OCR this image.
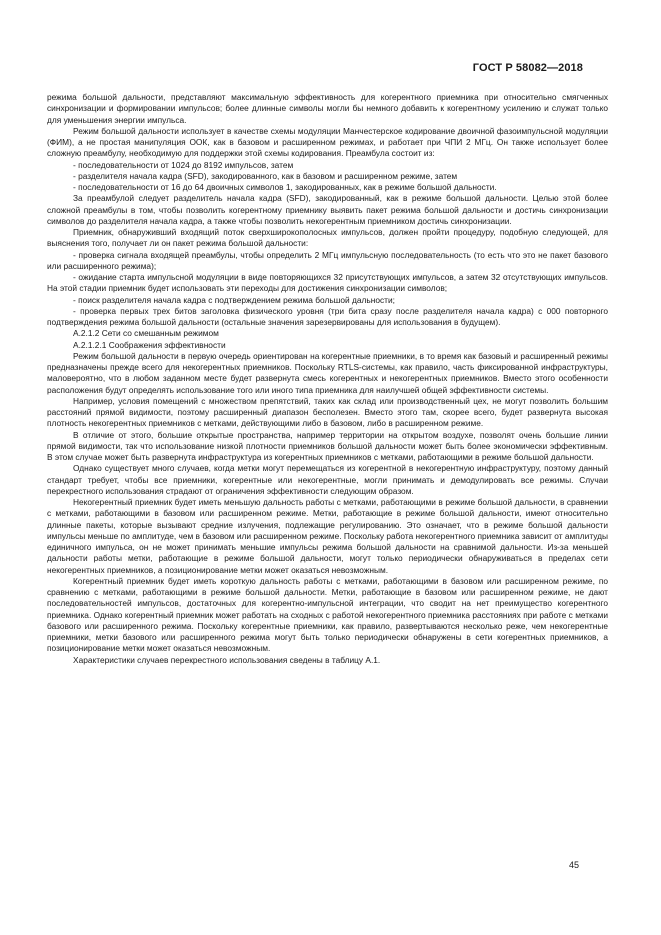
ГОСТ Р 58082—2018

режима большой дальности, представляют максимальную эффективность для когерентного приемника при относительно смягченных синхронизации и формировании импульсов; более длинные символы могли бы немного добавить к когерентному усилению и служат только для уменьшения энергии импульса.

Режим большой дальности использует в качестве схемы модуляции Манчестерское кодирование двоичной фазоимпульсной модуляции (ФИМ), а не простая манипуляция ООК, как в базовом и расширенном режимах, и работает при ЧПИ 2 МГц. Он также использует более сложную преамбулу, необходимую для поддержки этой схемы кодирования. Преамбула состоит из:

- последовательности от 1024 до 8192 импульсов, затем

- разделителя начала кадра (SFD), закодированного, как в базовом и расширенном режиме, затем

- последовательности от 16 до 64 двоичных символов 1, закодированных, как в режиме большой дальности.

За преамбулой следует разделитель начала кадра (SFD), закодированный, как в режиме большой дальности. Целью этой более сложной преамбулы в том, чтобы позволить когерентному приемнику выявить пакет режима большой дальности и достичь синхронизации символов до разделителя начала кадра, а также чтобы позволить некогерентным приемником достичь синхронизации.

Приемник, обнаруживший входящий поток сверхширокополосных импульсов, должен пройти процедуру, подобную следующей, для выяснения того, получает ли он пакет режима большой дальности:

- проверка сигнала входящей преамбулы, чтобы определить 2 МГц импульсную последовательность (то есть что это не пакет базового или расширенного режима);

- ожидание старта импульсной модуляции в виде повторяющихся 32 присутствующих импульсов, а затем 32 отсутствующих импульсов. На этой стадии приемник будет использовать эти переходы для достижения синхронизации символов;

- поиск разделителя начала кадра с подтверждением режима большой дальности;

- проверка первых трех битов заголовка физического уровня (три бита сразу после разделителя начала кадра) с 000 повторного подтверждения режима большой дальности (остальные значения зарезервированы для использования в будущем).

А.2.1.2 Сети со смешанным режимом

А.2.1.2.1 Соображения эффективности

Режим большой дальности в первую очередь ориентирован на когерентные приемники, в то время как базовый и расширенный режимы предназначены прежде всего для некогерентных приемников. Поскольку RTLS-системы, как правило, часть фиксированной инфраструктуры, маловероятно, что в любом заданном месте будет развернута смесь когерентных и некогерентных приемников. Вместо этого особенности расположения будут определять использование того или иного типа приемника для наилучшей общей эффективности системы.

Например, условия помещений с множеством препятствий, таких как склад или производственный цех, не могут позволить большим расстояний прямой видимости, поэтому расширенный диапазон бесполезен. Вместо этого там, скорее всего, будет развернута высокая плотность некогерентных приемников с метками, действующими либо в базовом, либо в расширенном режиме.

В отличие от этого, большие открытые пространства, например территории на открытом воздухе, позволят очень большие линии прямой видимости, так что использование низкой плотности приемников большой дальности может быть более экономически эффективным. В этом случае может быть развернута инфраструктура из когерентных приемников с метками, работающими в режиме большой дальности.

Однако существует много случаев, когда метки могут перемещаться из когерентной в некогерентную инфраструктуру, поэтому данный стандарт требует, чтобы все приемники, когерентные или некогерентные, могли принимать и демодулировать все режимы. Случаи перекрестного использования страдают от ограничения эффективности следующим образом.

Некогерентный приемник будет иметь меньшую дальность работы с метками, работающими в режиме большой дальности, в сравнении с метками, работающими в базовом или расширенном режиме. Метки, работающие в режиме большой дальности, имеют относительно длинные пакеты, которые вызывают средние излучения, подлежащие регулированию. Это означает, что в режиме большой дальности импульсы меньше по амплитуде, чем в базовом или расширенном режиме. Поскольку работа некогерентного приемника зависит от амплитуды единичного импульса, он не может принимать меньшие импульсы режима большой дальности на сравнимой дальности. Из-за меньшей дальности работы метки, работающие в режиме большой дальности, могут только периодически обнаруживаться в пределах сети некогерентных приемников, а позиционирование метки может оказаться невозможным.

Когерентный приемник будет иметь короткую дальность работы с метками, работающими в базовом или расширенном режиме, по сравнению с метками, работающими в режиме большой дальности. Метки, работающие в базовом или расширенном режиме, не дают последовательностей импульсов, достаточных для когерентно-импульсной интеграции, что сводит на нет преимущество когерентного приемника. Однако когерентный приемник может работать на сходных с работой некогерентного приемника расстояниях при работе с метками базового или расширенного режима. Поскольку когерентные приемники, как правило, развертываются несколько реже, чем некогерентные приемники, метки базового или расширенного режима могут быть только периодически обнаружены в сети когерентных приемников, а позиционирование метки может оказаться невозможным.

Характеристики случаев перекрестного использования сведены в таблицу А.1.

45
